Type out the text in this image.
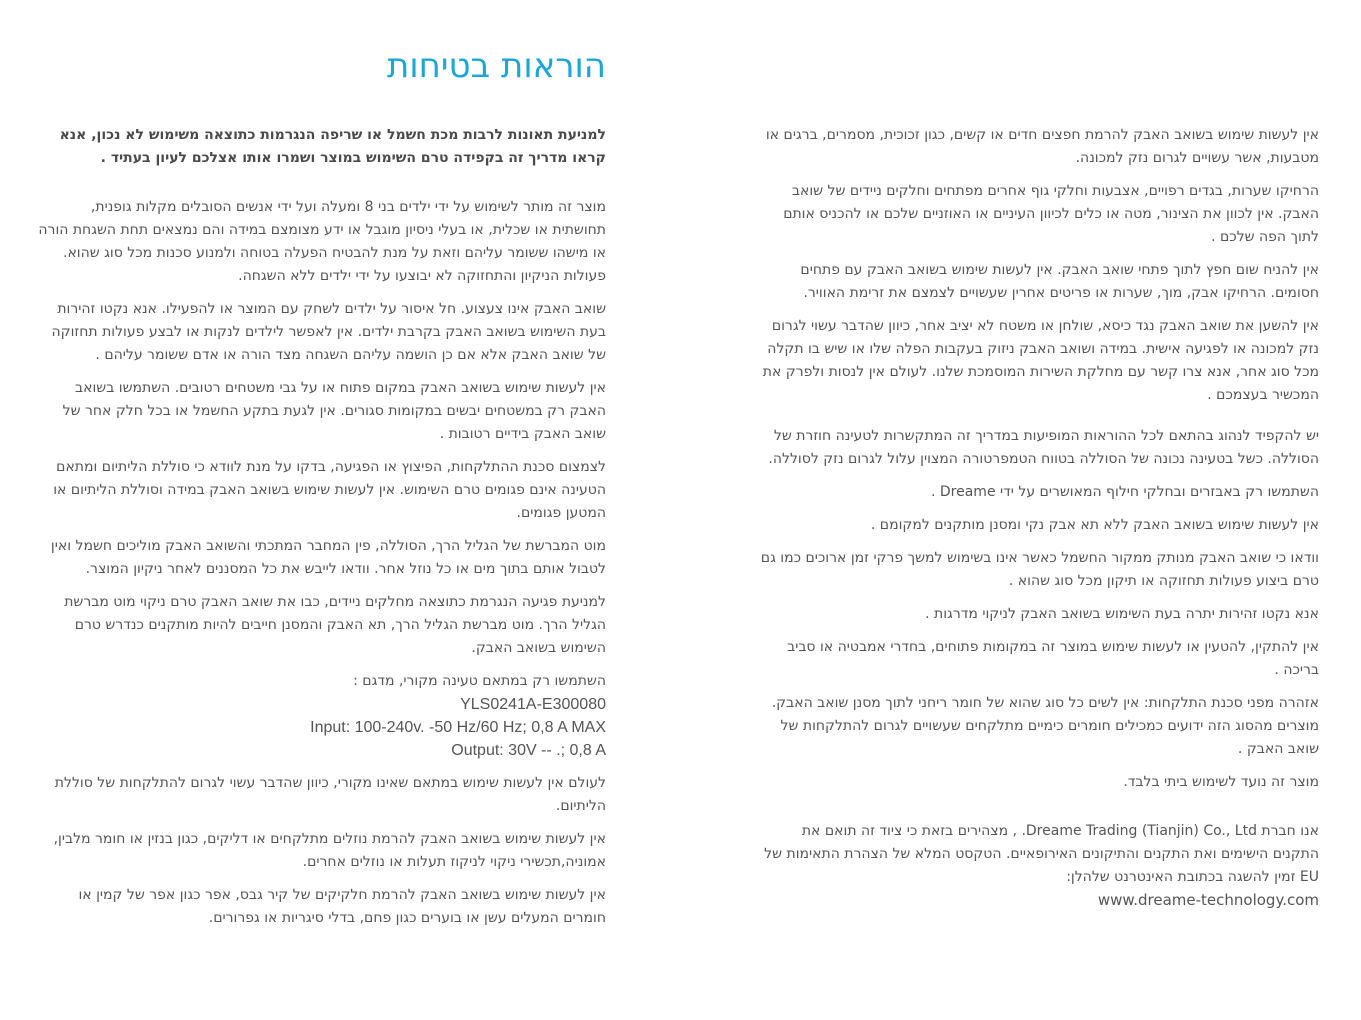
הוראות בטיחות

אין לעשות שימוש בשואב האבק להרמת חפצים חדים או קשים, כגון זכוכית, מסמרים, ברגים או מטבעות, אשר עשויים לגרום נזק למכונה.

הרחיקו שערות, בגדים רפויים, אצבעות וחלקי גוף אחרים מפתחים וחלקים ניידים של שואב האבק. אין לכוון את הצינור, מטה או כלים לכיוון העיניים או האוזניים שלכם או להכניס אותם לתוך הפה שלכם .

אין להניח שום חפץ לתוך פתחי שואב האבק. אין לעשות שימוש בשואב האבק עם פתחים חסומים. הרחיקו אבק, מוך, שערות או פריטים אחרין שעשויים לצמצם את זרימת האוויר.

אין להשען את שואב האבק נגד כיסא, שולחן או משטח לא יציב אחר, כיוון שהדבר עשוי לגרום נזק למכונה או לפגיעה אישית. במידה ושואב האבק ניזוק בעקבות הפלה שלו או שיש בו תקלה מכל סוג אחר, אנא צרו קשר עם מחלקת השירות המוסמכת שלנו. לעולם אין לנסות ולפרק את המכשיר בעצמכם .

יש להקפיד לנהוג בהתאם לכל ההוראות המופיעות במדריך זה המתקשרות לטעינה חוזרת של הסוללה. כשל בטעינה נכונה של הסוללה בטווח הטמפרטורה המצוין עלול לגרום נזק לסוללה.

השתמשו רק באבזרים ובחלקי חילוף המאושרים על ידי Dreame .

אין לעשות שימוש בשואב האבק ללא תא אבק נקי ומסנן מותקנים למקומם .

וודאו כי שואב האבק מנותק ממקור החשמל כאשר אינו בשימוש למשך פרקי זמן ארוכים כמו גם טרם ביצוע פעולות תחזוקה או תיקון מכל סוג שהוא .

אנא נקטו זהירות יתרה בעת השימוש בשואב האבק לניקוי מדרגות .

אין להתקין, להטעין או לעשות שימוש במוצר זה במקומות פתוחים, בחדרי אמבטיה או סביב בריכה .

אזהרה מפני סכנת התלקחות: אין לשים כל סוג שהוא של חומר ריחני לתוך מסנן שואב האבק. מוצרים מהסוג הזה ידועים כמכילים חומרים כימיים מתלקחים שעשויים לגרום להתלקחות של שואב האבק .

מוצר זה נועד לשימוש ביתי בלבד.

אנו חברת Dreame Trading (Tianjin) Co., Ltd. , מצהירים בזאת כי ציוד זה תואם את התקנים הישימים ואת התקנים והתיקונים האירופאיים. הטקסט המלא של הצהרת התאימות של EU זמין להשגה בכתובת האינטרנט שלהלן:
www.dreame-technology.com

למניעת תאונות לרבות מכת חשמל או שריפה הנגרמות כתוצאה משימוש לא נכון, אנא קראו מדריך זה בקפידה טרם השימוש במוצר ושמרו אותו אצלכם לעיון בעתיד .

מוצר זה מותר לשימוש על ידי ילדים בני 8 ומעלה ועל ידי אנשים הסובלים מקלות גופנית, תחושתית או שכלית, או בעלי ניסיון מוגבל או ידע מצומצם במידה והם נמצאים תחת השגחת הורה או מישהו ששומר עליהם וזאת על מנת להבטיח הפעלה בטוחה ולמנוע סכנות מכל סוג שהוא. פעולות הניקיון והתחזוקה לא יבוצעו על ידי ילדים ללא השגחה.

שואב האבק אינו צעצוע. חל איסור על ילדים לשחק עם המוצר או להפעילו. אנא נקטו זהירות בעת השימוש בשואב האבק בקרבת ילדים. אין לאפשר לילדים לנקות או לבצע פעולות תחזוקה של שואב האבק אלא אם כן הושמה עליהם השגחה מצד הורה או אדם ששומר עליהם .

אין לעשות שימוש בשואב האבק במקום פתוח או על גבי משטחים רטובים. השתמשו בשואב האבק רק במשטחים יבשים במקומות סגורים. אין לגעת בתקע החשמל או בכל חלק אחר של שואב האבק בידיים רטובות .

לצמצום סכנת ההתלקחות, הפיצוץ או הפגיעה, בדקו על מנת לוודא כי סוללת הליתיום ומתאם הטעינה אינם פגומים טרם השימוש. אין לעשות שימוש בשואב האבק במידה וסוללת הליתיום או המטען פגומים.

מוט המברשת של הגליל הרך, הסוללה, פין המחבר המתכתי והשואב האבק מוליכים חשמל ואין לטבול אותם בתוך מים או כל נוזל אחר. וודאו לייבש את כל המסננים לאחר ניקיון המוצר.

למניעת פגיעה הנגרמת כתוצאה מחלקים ניידים, כבו את שואב האבק טרם ניקוי מוט מברשת הגליל הרך. מוט מברשת הגליל הרך, תא האבק והמסנן חייבים להיות מותקנים כנדרש טרם השימוש בשואב האבק.

השתמשו רק במתאם טעינה מקורי, מדגם :
YLS0241A-E300080
Input: 100-240v. -50 Hz/60 Hz; 0,8 A MAX
Output: 30V -- .; 0,8 A

לעולם אין לעשות שימוש במתאם שאינו מקורי, כיוון שהדבר עשוי לגרום להתלקחות של סוללת הליתיום.

אין לעשות שימוש בשואב האבק להרמת נוזלים מתלקחים או דליקים, כגון בנזין או חומר מלבין, אמוניה,תכשירי ניקוי לניקוז תעלות או נוזלים אחרים.

אין לעשות שימוש בשואב האבק להרמת חלקיקים של קיר גבס, אפר כגון אפר של קמין או חומרים המעלים עשן או בוערים כגון פחם, בדלי סיגריות או גפרורים.
